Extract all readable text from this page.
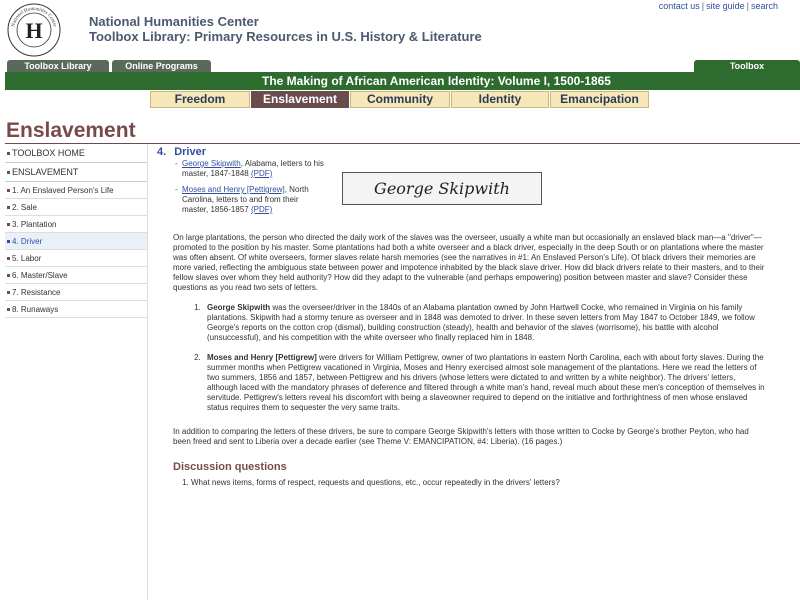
H
National Humanities Center National Humanities Center
Toolbox Library: Primary Resources in U.S. History & Literature
contact us | site guide | search
Toolbox Library	Online Programs	Toolbox
The Making of African American Identity: Volume I, 1500-1865
Freedom	Enslavement	Community	Identity	Emancipation
Enslavement
TOOLBOX HOME
ENSLAVEMENT
1. An Enslaved Person's Life
2. Sale
3. Plantation
4. Driver
5. Labor
6. Master/Slave
7. Resistance
8. Runaways
4. Driver
- George Skipwith, Alabama, letters to his master, 1847-1848 (PDF)
- Moses and Henry [Pettigrew], North Carolina, letters to and from their master, 1856-1857 (PDF)
George Skipwith
On large plantations, the person who directed the daily work of the slaves was the overseer, usually a white man but occasionally an enslaved black man—a "driver"—promoted to the position by his master. Some plantations had both a white overseer and a black driver, especially in the deep South or on plantations where the master was often absent. Of white overseers, former slaves relate harsh memories (see the narratives in #1: An Enslaved Person's Life). Of black drivers their memories are more varied, reflecting the ambiguous state between power and impotence inhabited by the black slave driver. How did black drivers relate to their masters, and to their fellow slaves over whom they held authority? How did they adapt to the vulnerable (and perhaps empowering) position between master and slave? Consider these questions as you read two sets of letters.
1. George Skipwith was the overseer/driver in the 1840s of an Alabama plantation owned by John Hartwell Cocke, who remained in Virginia on his family plantations. Skipwith had a stormy tenure as overseer and in 1848 was demoted to driver. In these seven letters from May 1847 to October 1849, we follow George's reports on the cotton crop (dismal), building construction (steady), health and behavior of the slaves (worrisome), his battle with alcohol (unsuccessful), and his competition with the white overseer who finally replaced him in 1848.
2. Moses and Henry [Pettigrew] were drivers for William Pettigrew, owner of two plantations in eastern North Carolina, each with about forty slaves. During the summer months when Pettigrew vacationed in Virginia, Moses and Henry exercised almost sole management of the plantations. Here we read the letters of two summers, 1856 and 1857, between Pettigrew and his drivers (whose letters were dictated to and written by a white neighbor). The drivers' letters, although laced with the mandatory phrases of deference and filtered through a white man's hand, reveal much about these men's conception of themselves in servitude. Pettigrew's letters reveal his discomfort with being a slaveowner required to depend on the initiative and forthrightness of men whose enslaved status requires them to sequester the very same traits.
In addition to comparing the letters of these drivers, be sure to compare George Skipwith's letters with those written to Cocke by George's brother Peyton, who had been freed and sent to Liberia over a decade earlier (see Theme V: EMANCIPATION, #4: Liberia). (16 pages.)
Discussion questions
1. What news items, forms of respect, requests and questions, etc., occur repeatedly in the drivers' letters?
